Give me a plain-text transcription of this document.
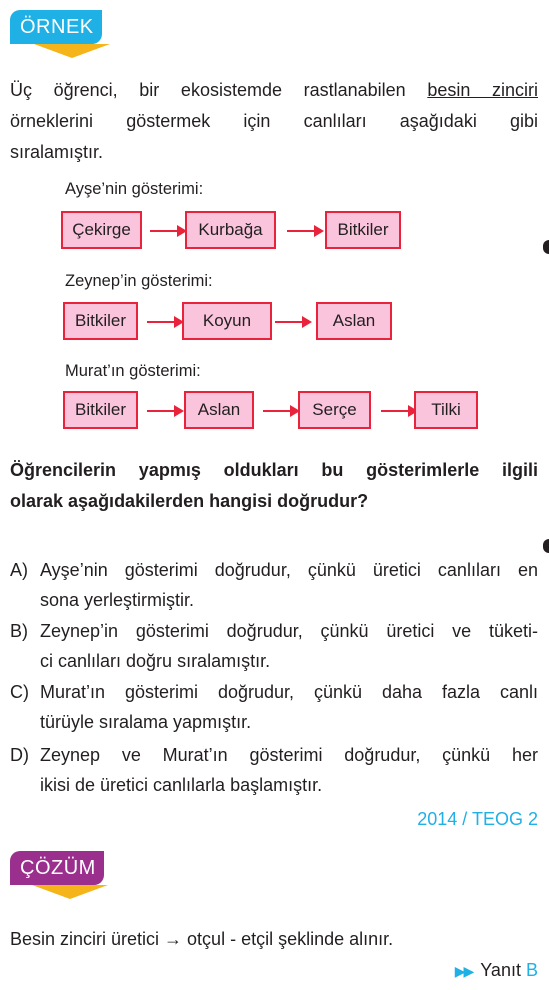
ÖRNEK
Üç öğrenci, bir ekosistemde rastlanabilen besin zinciri
örneklerini göstermek için canlıları aşağıdaki gibi
sıralamıştır.
Ayşe’nin gösterimi:
Çekirge	Kurbağa	Bitkiler
Zeynep’in gösterimi:
Bitkiler	Koyun	Aslan
Murat’ın gösterimi:
Bitkiler	Aslan	Serçe	Tilki
Öğrencilerin yapmış oldukları bu gösterimlerle ilgili
olarak aşağıdakilerden hangisi doğrudur?
A) Ayşe’nin gösterimi doğrudur, çünkü üretici canlıları en
sona yerleştirmiştir.
B) Zeynep’in gösterimi doğrudur, çünkü üretici ve tüketi-
ci canlıları doğru sıralamıştır.
C) Murat’ın gösterimi doğrudur, çünkü daha fazla canlı
türüyle sıralama yapmıştır.
D) Zeynep ve Murat’ın gösterimi doğrudur, çünkü her
ikisi de üretici canlılarla başlamıştır.
2014 / TEOG 2
ÇÖZÜM
Besin zinciri üretici → otçul - etçil şeklinde alınır.
▶▶ Yanıt B
